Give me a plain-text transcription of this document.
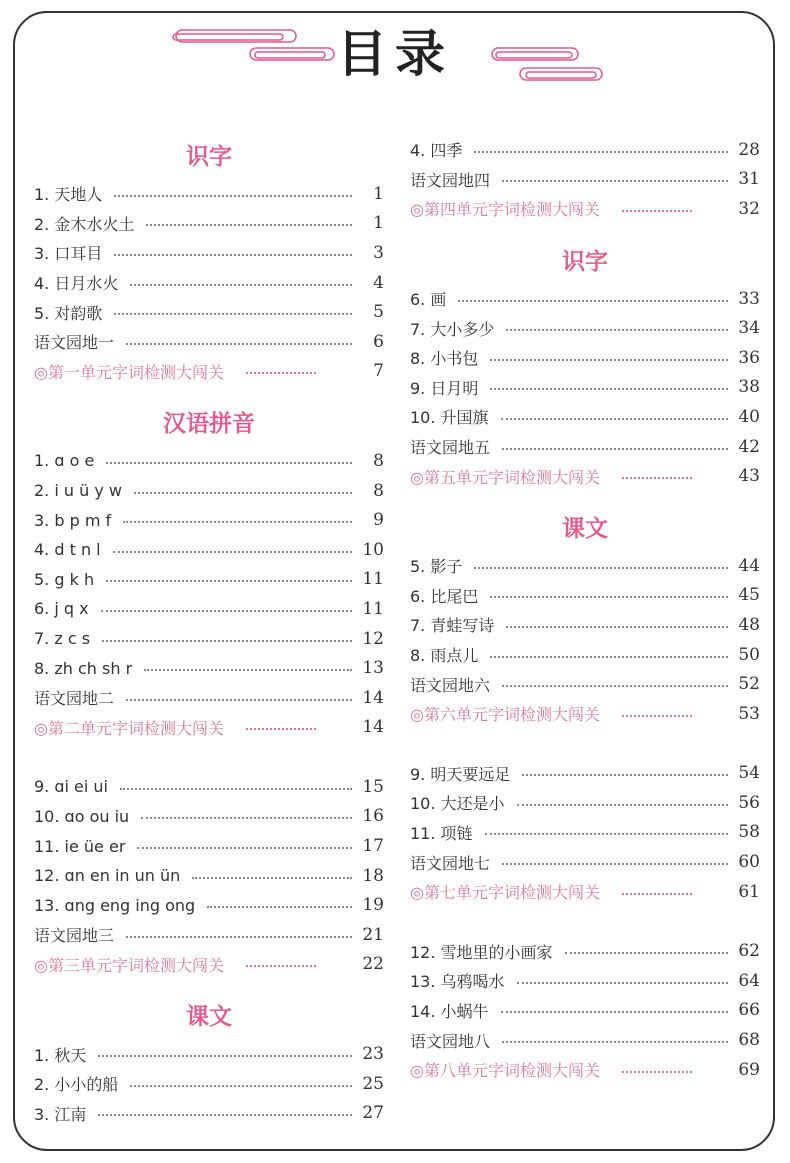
目录
识字
1. 天地人	1
2. 金木水火土	1
3. 口耳目	3
4. 日月水火	4
5. 对韵歌	5
语文园地一	6
◎第一单元字词检测大闯关	7
汉语拼音
1. ɑ o e	8
2. i u ü y w	8
3. b p m f	9
4. d t n l	10
5. g k h	11
6. j q x	11
7. z c s	12
8. zh ch sh r	13
语文园地二	14
◎第二单元字词检测大闯关	14
9. ɑi ei ui	15
10. ɑo ou iu	16
11. ie üe er	17
12. ɑn en in un ün	18
13. ɑng eng ing ong	19
语文园地三	21
◎第三单元字词检测大闯关	22
课文
1. 秋天	23
2. 小小的船	25
3. 江南	27
4. 四季	28
语文园地四	31
◎第四单元字词检测大闯关	32
识字
6. 画	33
7. 大小多少	34
8. 小书包	36
9. 日月明	38
10. 升国旗	40
语文园地五	42
◎第五单元字词检测大闯关	43
课文
5. 影子	44
6. 比尾巴	45
7. 青蛙写诗	48
8. 雨点儿	50
语文园地六	52
◎第六单元字词检测大闯关	53
9. 明天要远足	54
10. 大还是小	56
11. 项链	58
语文园地七	60
◎第七单元字词检测大闯关	61
12. 雪地里的小画家	62
13. 乌鸦喝水	64
14. 小蜗牛	66
语文园地八	68
◎第八单元字词检测大闯关	69
